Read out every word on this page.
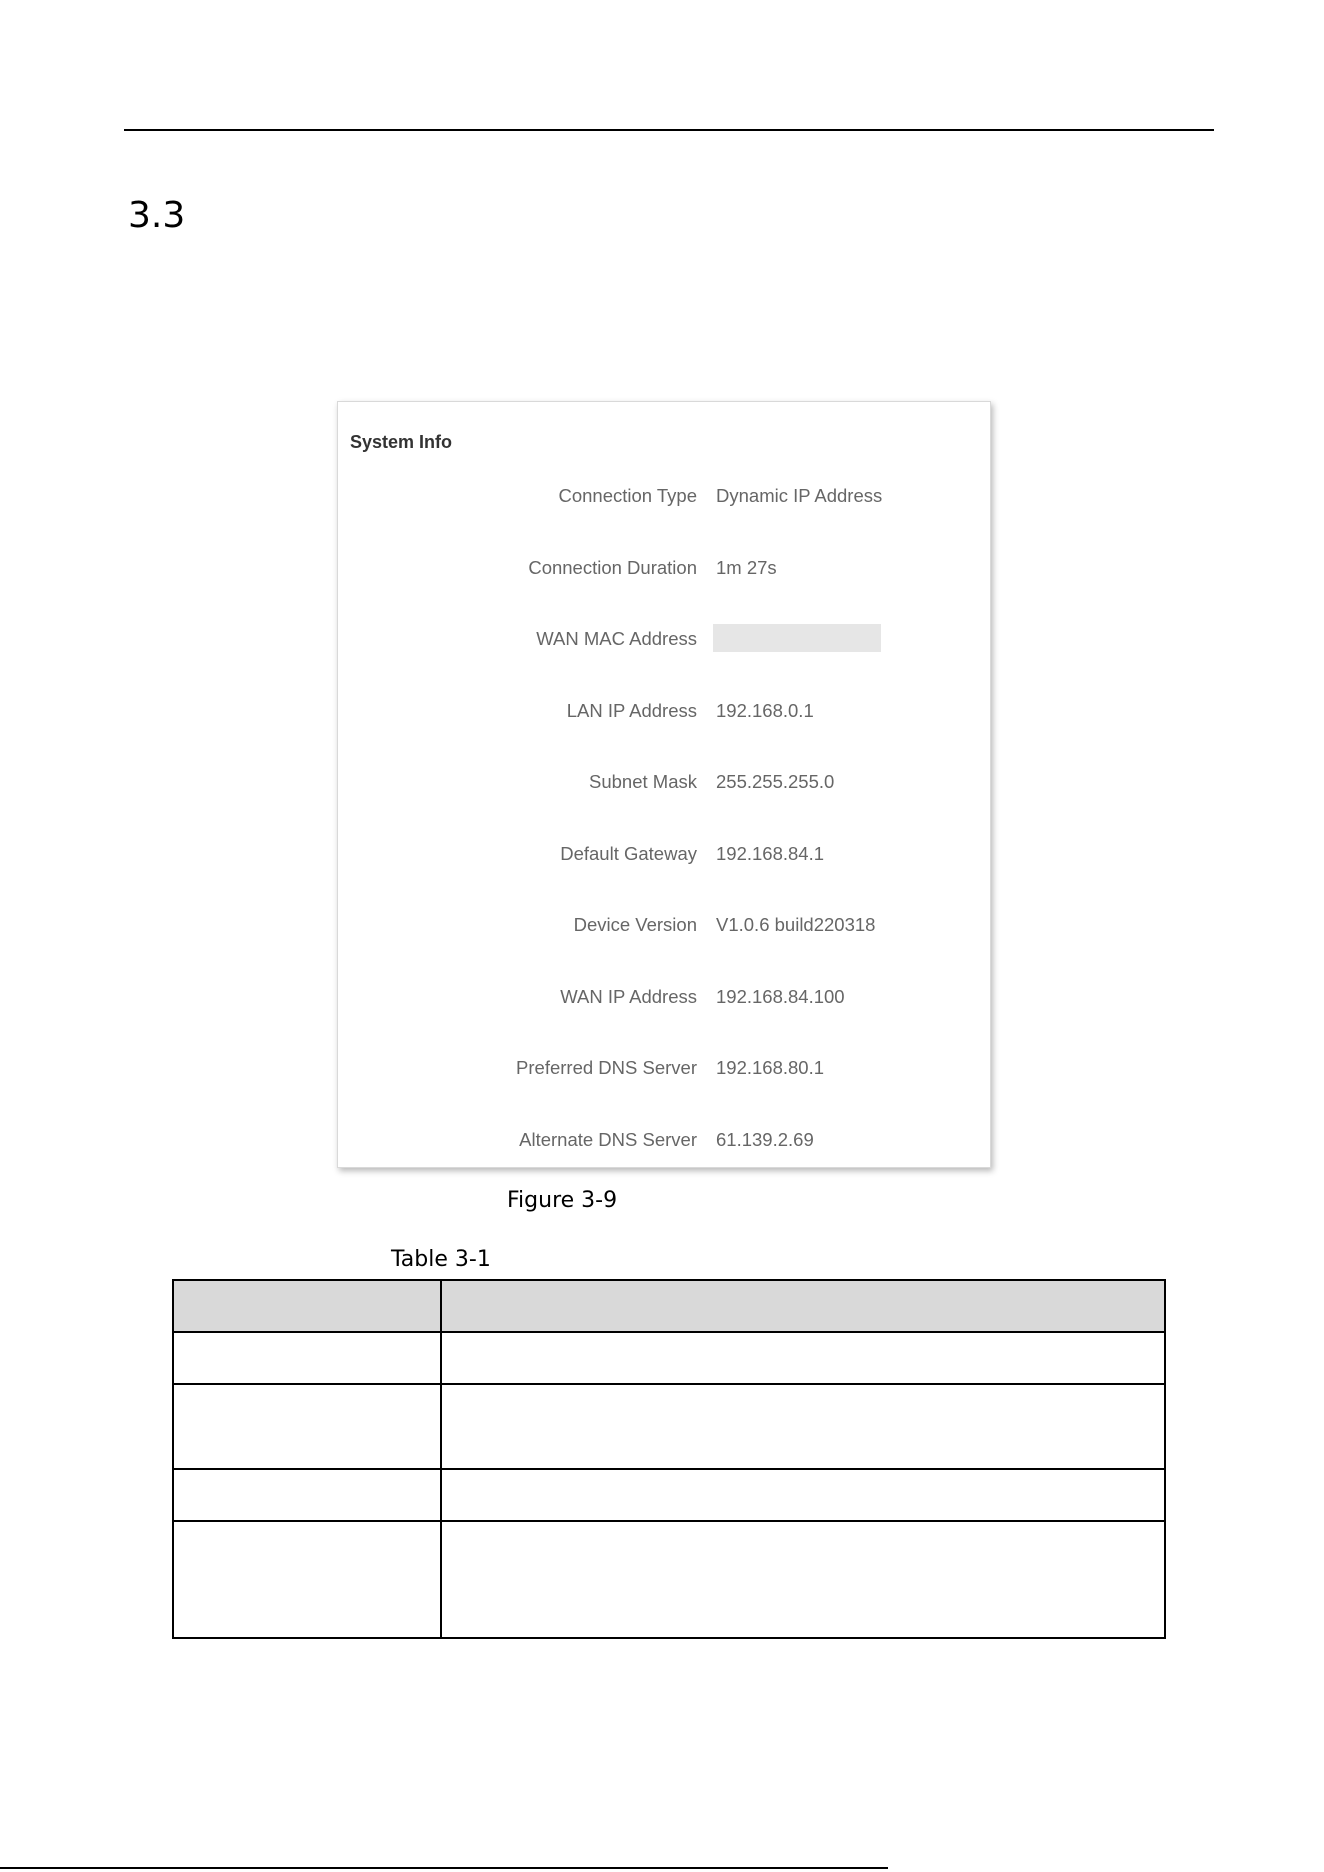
3.3
System Info
Connection Type Dynamic IP Address
Connection Duration 1m 27s
WAN MAC Address
LAN IP Address 192.168.0.1
Subnet Mask 255.255.255.0
Default Gateway 192.168.84.1
Device Version V1.0.6 build220318
WAN IP Address 192.168.84.100
Preferred DNS Server 192.168.80.1
Alternate DNS Server 61.139.2.69
Figure 3-9
Table 3-1
